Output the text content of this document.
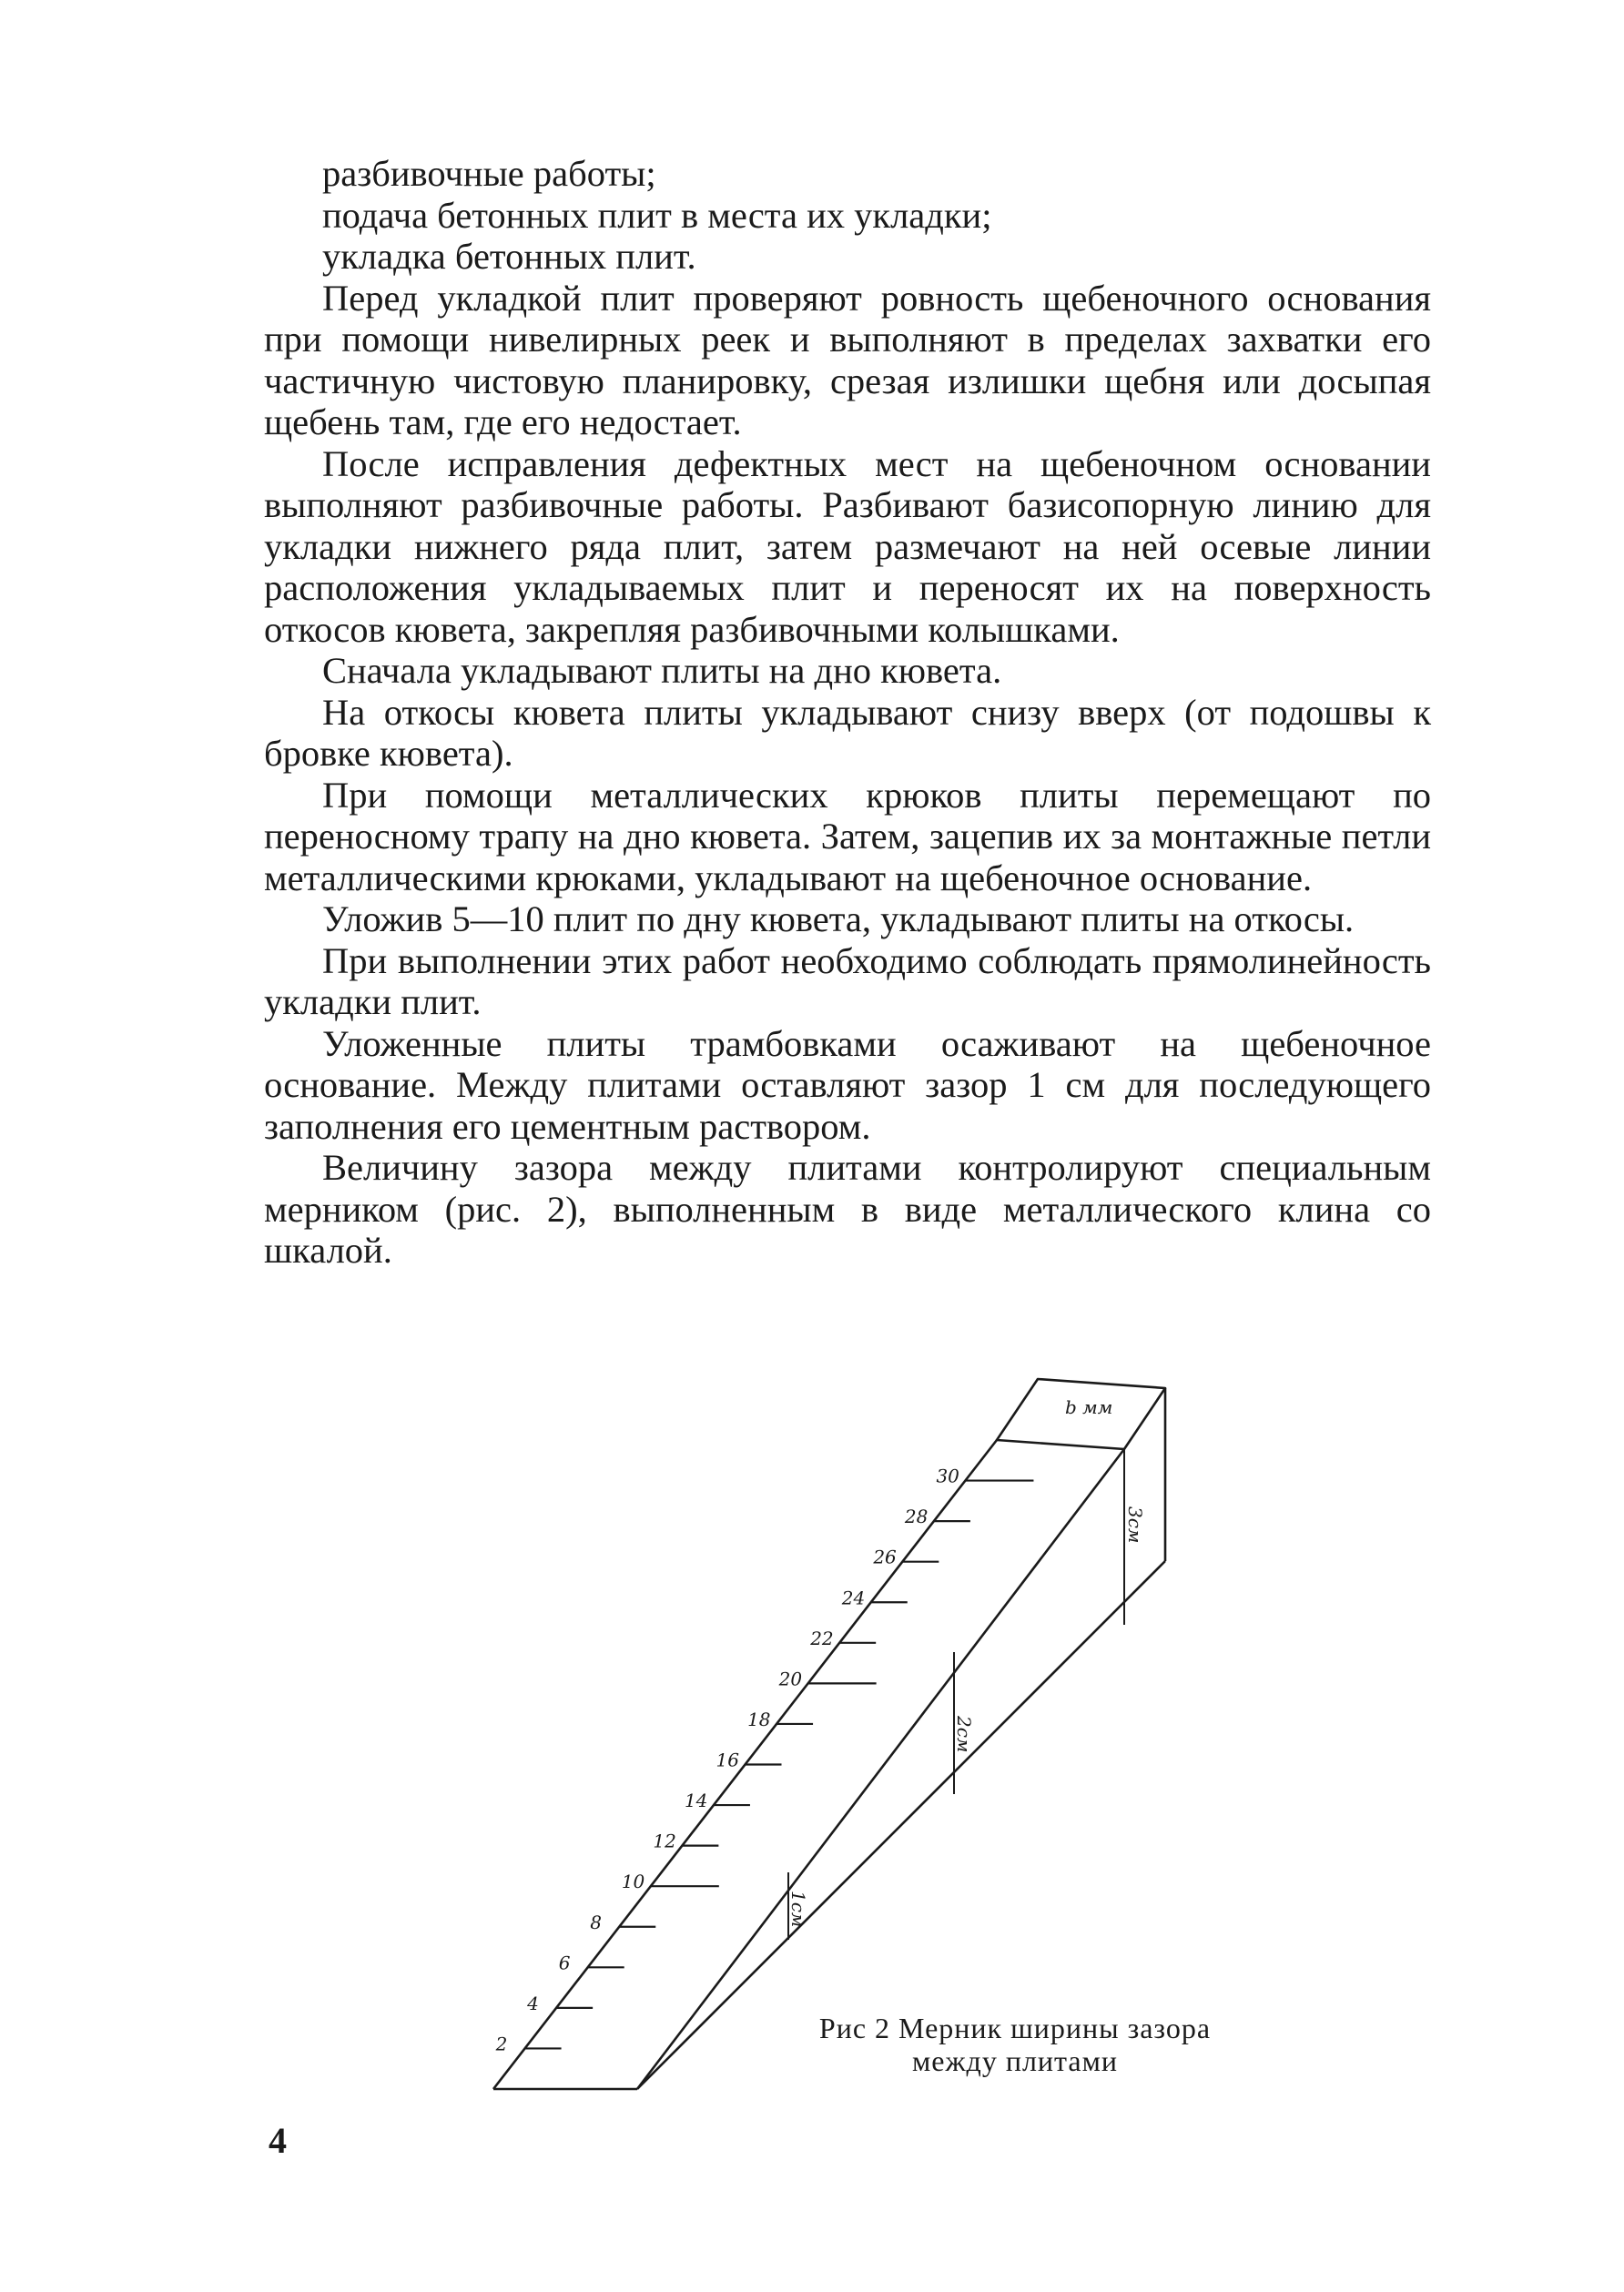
разбивочные работы;

подача бетонных плит в места их укладки;

укладка бетонных плит.

Перед укладкой плит проверяют ровность щебеночного основания при помощи нивелирных реек и выполняют в пределах захватки его частичную чистовую планировку, срезая излишки щебня или досыпая щебень там, где его недостает.

После исправления дефектных мест на щебеночном основании выполняют разбивочные работы. Разбивают базисопорную линию для укладки нижнего ряда плит, затем размечают на ней осевые линии расположения укладываемых плит и переносят их на поверхность откосов кювета, закрепляя разбивочными колышками.

Сначала укладывают плиты на дно кювета.

На откосы кювета плиты укладывают снизу вверх (от подошвы к бровке кювета).

При помощи металлических крюков плиты перемещают по переносному трапу на дно кювета. Затем, зацепив их за монтажные петли металлическими крюками, укладывают на щебеночное основание.

Уложив 5—10 плит по дну кювета, укладывают плиты на откосы.

При выполнении этих работ необходимо соблюдать прямолинейность укладки плит.

Уложенные плиты трамбовками осаживают на щебеночное основание. Между плитами оставляют зазор 1 см для последующего заполнения его цементным раствором.

Величину зазора между плитами контролируют специальным мерником (рис. 2), выполненным в виде металлического клина со шкалой.

30
28
26
24
22
20
18
16
14
12
10
8
6
4
2
b мм
3см
2см
1см
Рис 2 Мерник ширины зазора
между плитами
4
